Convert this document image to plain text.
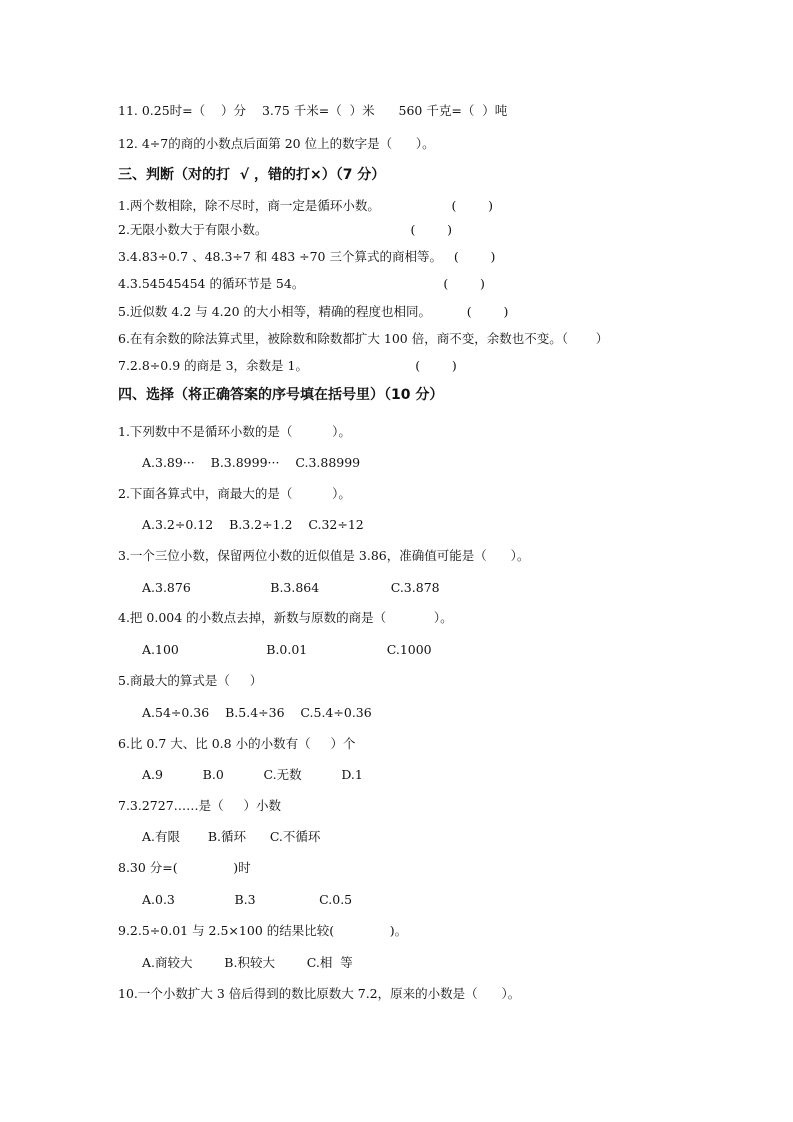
11. 0.25时=（    ）分    3.75 千米=（  ）米      560 千克=（  ）吨
12. 4÷7的商的小数点后面第 20 位上的数字是（      ）。
三、判断（对的打  √ ，错的打×）（7 分）
1.两个数相除，除不尽时，商一定是循环小数。                  (        )
2.无限小数大于有限小数。                                    (        )
3.4.83÷0.7 、48.3÷7 和 483 ÷70 三个算式的商相等。   (        )
4.3.54545454 的循环节是 54。                                   (        )
5.近似数 4.2 与 4.20 的大小相等，精确的程度也相同。         (        )
6.在有余数的除法算式里，被除数和除数都扩大 100 倍，商不变，余数也不变。（       ）
7.2.8÷0.9 的商是 3，余数是 1。                           (        )
四、选择（将正确答案的序号填在括号里）（10 分）
1.下列数中不是循环小数的是（          ）。
A.3.89···    B.3.8999···    C.3.88999
2.下面各算式中，商最大的是（          ）。
A.3.2÷0.12    B.3.2÷1.2    C.32÷12
3.一个三位小数，保留两位小数的近似值是 3.86，准确值可能是（      ）。
A.3.876                    B.3.864                  C.3.878
4.把 0.004 的小数点去掉，新数与原数的商是（            ）。
A.100                      B.0.01                    C.1000
5.商最大的算式是（     ）
A.54÷0.36    B.5.4÷36    C.5.4÷0.36
6.比 0.7 大、比 0.8 小的小数有（     ）个
A.9          B.0          C.无数          D.1
7.3.2727……是（     ）小数
A.有限       B.循环      C.不循环
8.30 分=(              )时
A.0.3               B.3                C.0.5
9.2.5÷0.01 与 2.5×100 的结果比较(              )。
A.商较大        B.积较大        C.相  等
10.一个小数扩大 3 倍后得到的数比原数大 7.2，原来的小数是（      ）。
